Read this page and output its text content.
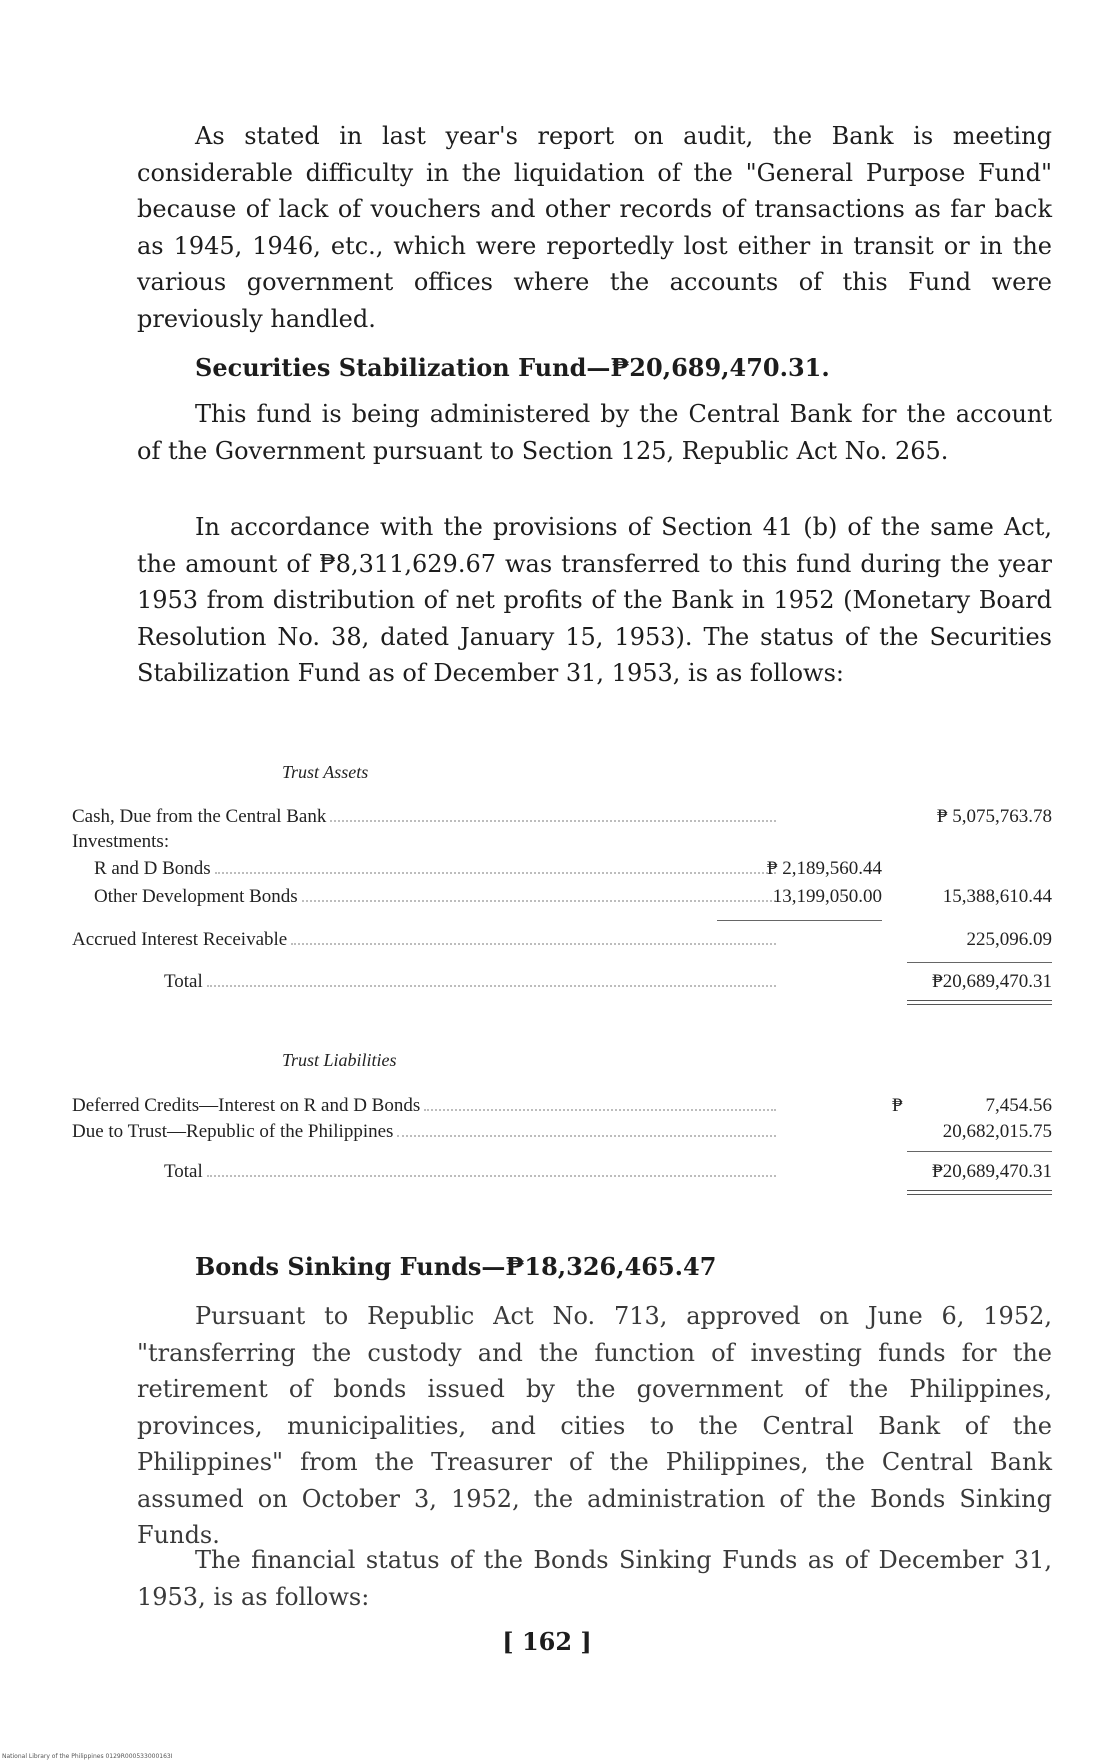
As stated in last year's report on audit, the Bank is meeting considerable difficulty in the liquidation of the "General Purpose Fund" because of lack of vouchers and other records of transactions as far back as 1945, 1946, etc., which were reportedly lost either in transit or in the various government offices where the accounts of this Fund were previously handled.

Securities Stabilization Fund—₱20,689,470.31.

This fund is being administered by the Central Bank for the account of the Government pursuant to Section 125, Republic Act No. 265.

In accordance with the provisions of Section 41 (b) of the same Act, the amount of ₱8,311,629.67 was transferred to this fund during the year 1953 from distribution of net profits of the Bank in 1952 (Monetary Board Resolution No. 38, dated January 15, 1953). The status of the Securities Stabilization Fund as of December 31, 1953, is as follows:

Trust Assets
Cash, Due from the Central Bank	₱ 5,075,763.78
Investments:
R and D Bonds	₱ 2,189,560.44
Other Development Bonds	13,199,050.00	15,388,610.44
Accrued Interest Receivable	225,096.09
Total	₱20,689,470.31
Trust Liabilities
Deferred Credits—Interest on R and D Bonds	₱	7,454.56
Due to Trust—Republic of the Philippines	20,682,015.75
Total	₱20,689,470.31
Bonds Sinking Funds—₱18,326,465.47

Pursuant to Republic Act No. 713, approved on June 6, 1952, "transferring the custody and the function of investing funds for the retirement of bonds issued by the government of the Philippines, provinces, municipalities, and cities to the Central Bank of the Philippines" from the Treasurer of the Philippines, the Central Bank assumed on October 3, 1952, the administration of the Bonds Sinking Funds.

The financial status of the Bonds Sinking Funds as of December 31, 1953, is as follows:

[ 162 ]
National Library of the Philippines 0129R000533000163I
